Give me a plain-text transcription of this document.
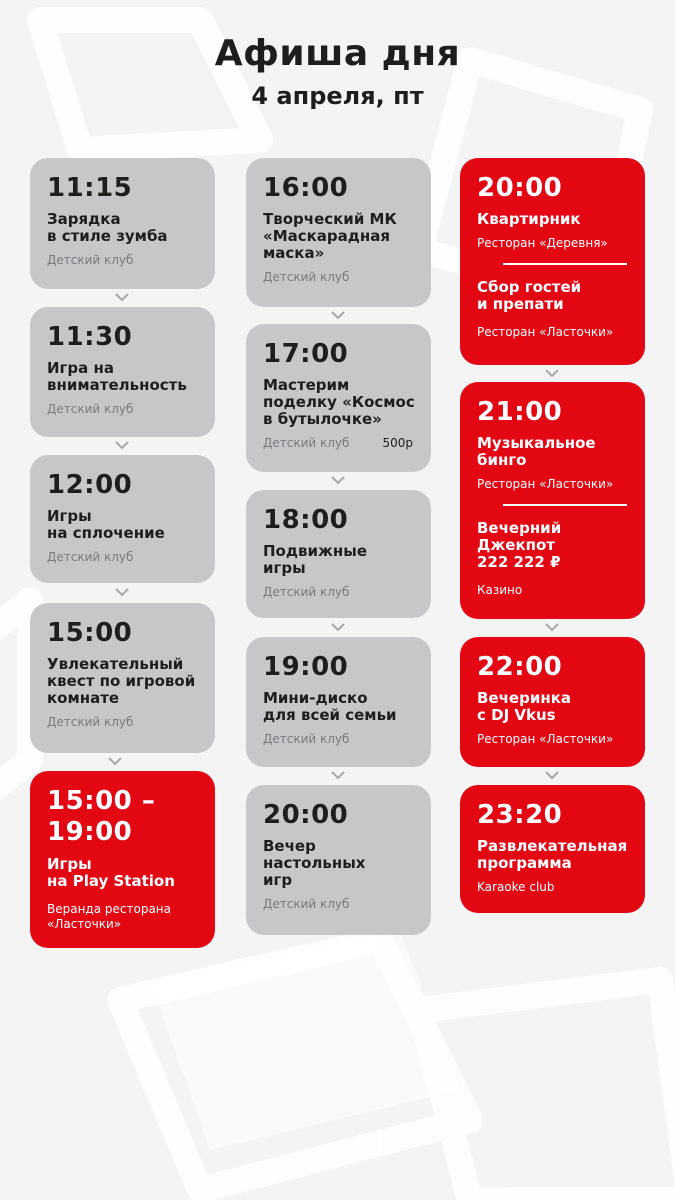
Афиша дня
4 апреля, пт
11:15
Зарядка
в стиле зумба
Детский клуб
11:30
Игра на
внимательность
Детский клуб
12:00
Игры
на сплочение
Детский клуб
15:00
Увлекательный
квест по игровой
комнате
Детский клуб
15:00 –
19:00
Игры
на Play Station
Веранда ресторана
«Ласточки»
16:00
Творческий МК
«Маскарадная
маска»
Детский клуб
17:00
Мастерим
поделку «Космос
в бутылочке»
Детский клуб	500р
18:00
Подвижные
игры
Детский клуб
19:00
Мини-диско
для всей семьи
Детский клуб
20:00
Вечер
настольных
игр
Детский клуб
20:00
Квартирник
Ресторан «Деревня»
Сбор гостей
и препати
Ресторан «Ласточки»
21:00
Музыкальное
бинго
Ресторан «Ласточки»
Вечерний
Джекпот
222 222 ₽
Казино
22:00
Вечеринка
с DJ Vkus
Ресторан «Ласточки»
23:20
Развлекательная
программа
Karaoke club
